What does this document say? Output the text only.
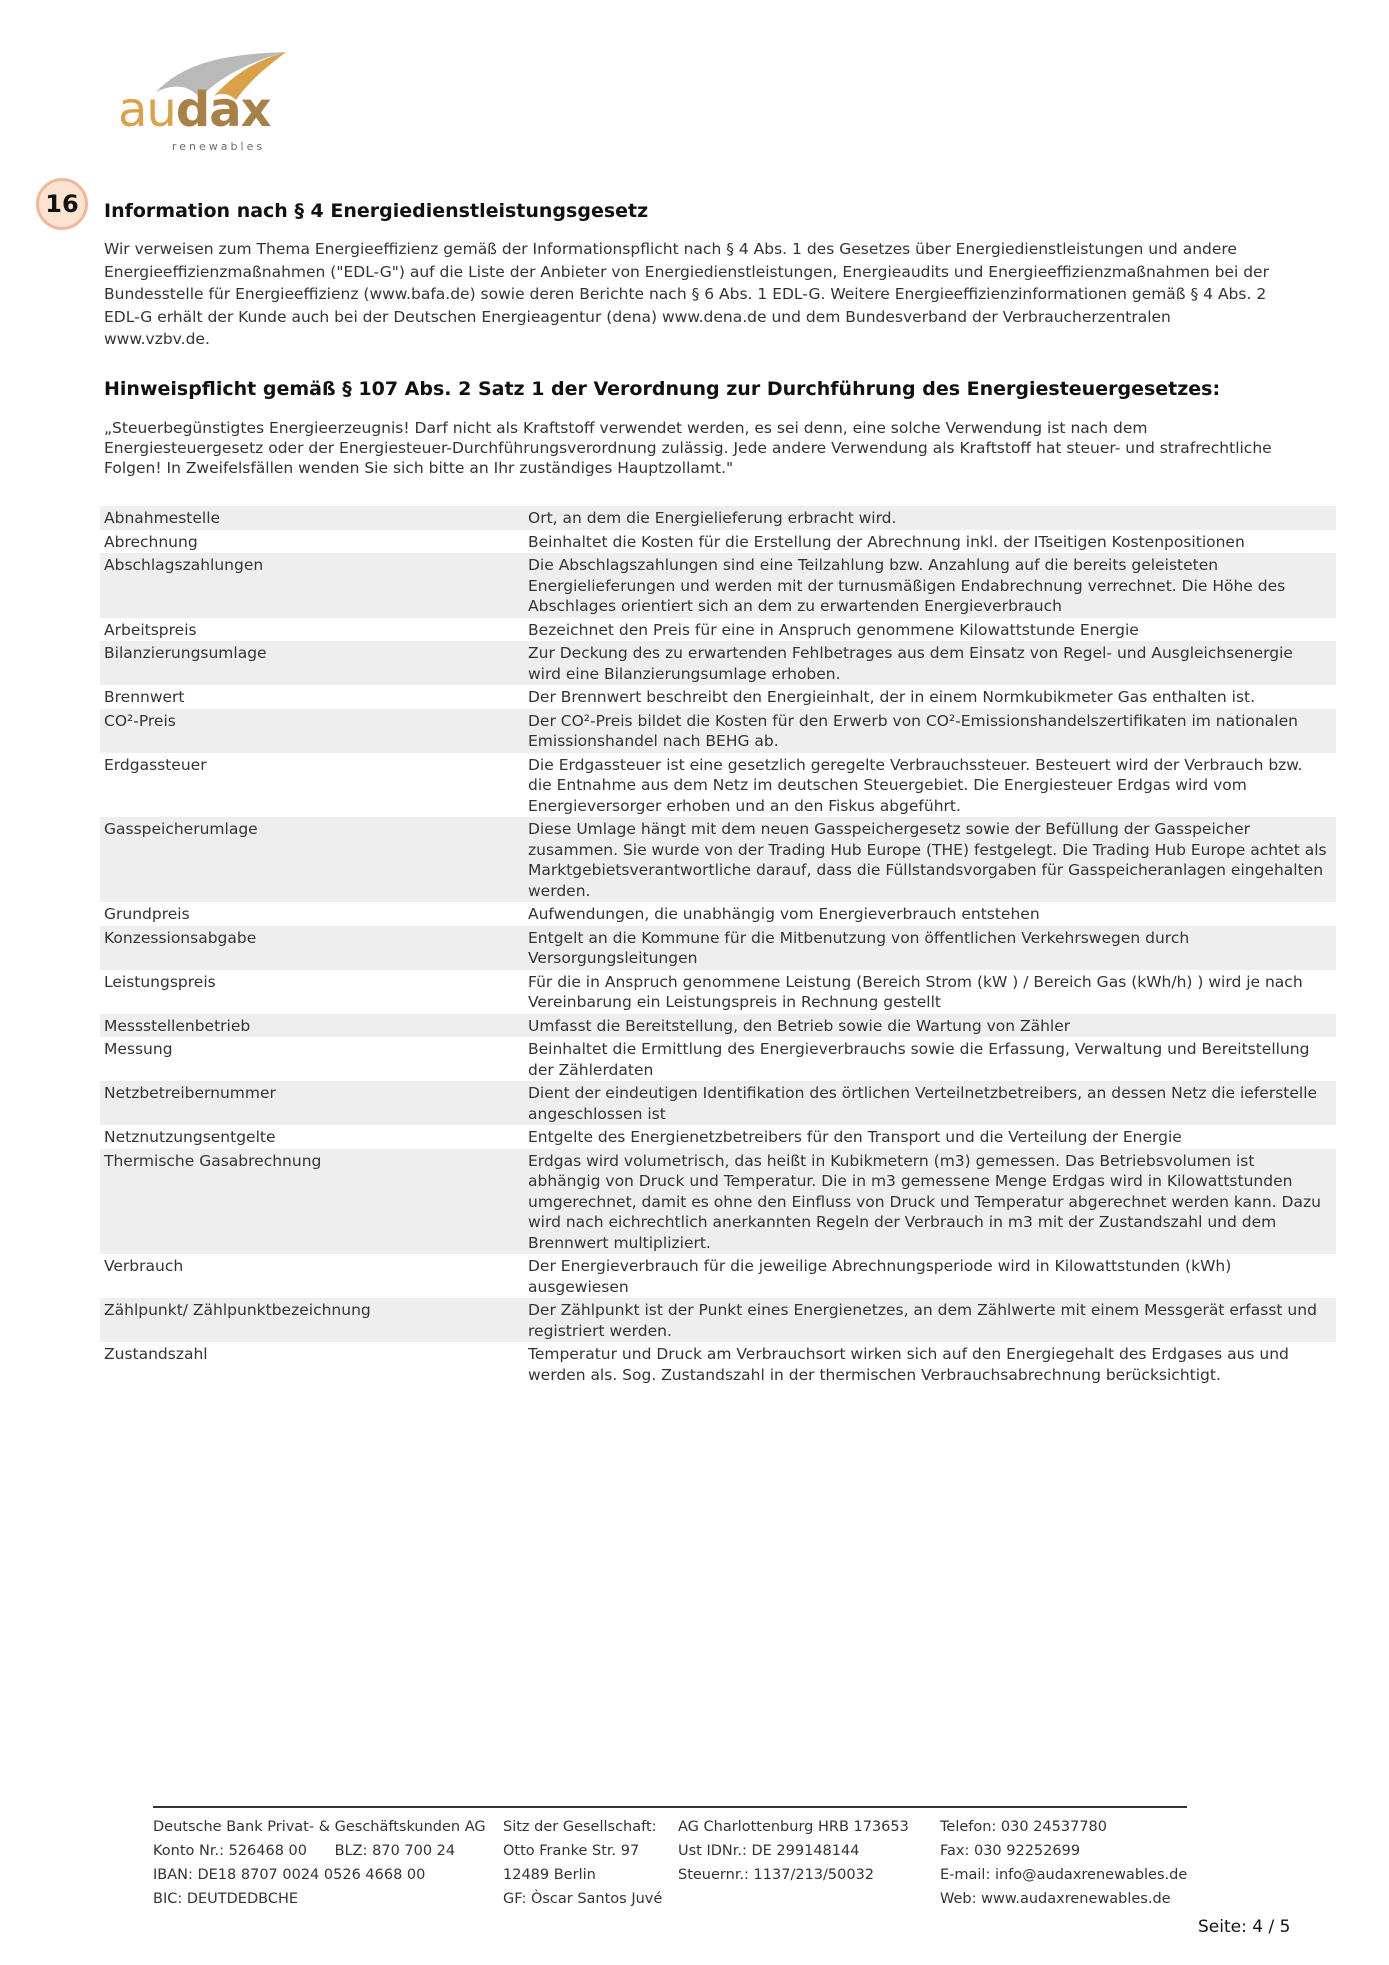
audax
renewables
16	Information nach § 4 Energiedienstleistungsgesetz

Wir verweisen zum Thema Energieeffizienz gemäß der Informationspflicht nach § 4 Abs. 1 des Gesetzes über Energiedienstleistungen und andere Energieeffizienzmaßnahmen ("EDL-G") auf die Liste der Anbieter von Energiedienstleistungen, Energieaudits und Energieeffizienzmaßnahmen bei der Bundesstelle für Energieeffizienz (www.bafa.de) sowie deren Berichte nach § 6 Abs. 1 EDL-G. Weitere Energieeffizienzinformationen gemäß § 4 Abs. 2 EDL-G erhält der Kunde auch bei der Deutschen Energieagentur (dena) www.dena.de und dem Bundesverband der Verbraucherzentralen www.vzbv.de.

Hinweispflicht gemäß § 107 Abs. 2 Satz 1 der Verordnung zur Durchführung des Energiesteuergesetzes:

„Steuerbegünstigtes Energieerzeugnis! Darf nicht als Kraftstoff verwendet werden, es sei denn, eine solche Verwendung ist nach dem Energiesteuergesetz oder der Energiesteuer-Durchführungsverordnung zulässig. Jede andere Verwendung als Kraftstoff hat steuer- und strafrechtliche Folgen! In Zweifelsfällen wenden Sie sich bitte an Ihr zuständiges Hauptzollamt."

Abnahmestelle	Ort, an dem die Energielieferung erbracht wird.
Abrechnung	Beinhaltet die Kosten für die Erstellung der Abrechnung inkl. der ITseitigen Kostenpositionen
Abschlagszahlungen	Die Abschlagszahlungen sind eine Teilzahlung bzw. Anzahlung auf die bereits geleisteten Energielieferungen und werden mit der turnusmäßigen Endabrechnung verrechnet. Die Höhe des Abschlages orientiert sich an dem zu erwartenden Energieverbrauch
Arbeitspreis	Bezeichnet den Preis für eine in Anspruch genommene Kilowattstunde Energie
Bilanzierungsumlage	Zur Deckung des zu erwartenden Fehlbetrages aus dem Einsatz von Regel- und Ausgleichsenergie wird eine Bilanzierungsumlage erhoben.
Brennwert	Der Brennwert beschreibt den Energieinhalt, der in einem Normkubikmeter Gas enthalten ist.
CO²-Preis	Der CO²-Preis bildet die Kosten für den Erwerb von CO²-Emissionshandelszertifikaten im nationalen Emissionshandel nach BEHG ab.
Erdgassteuer	Die Erdgassteuer ist eine gesetzlich geregelte Verbrauchssteuer. Besteuert wird der Verbrauch bzw. die Entnahme aus dem Netz im deutschen Steuergebiet. Die Energiesteuer Erdgas wird vom Energieversorger erhoben und an den Fiskus abgeführt.
Gasspeicherumlage	Diese Umlage hängt mit dem neuen Gasspeichergesetz sowie der Befüllung der Gasspeicher zusammen. Sie wurde von der Trading Hub Europe (THE) festgelegt. Die Trading Hub Europe achtet als Marktgebietsverantwortliche darauf, dass die Füllstandsvorgaben für Gasspeicheranlagen eingehalten werden.
Grundpreis	Aufwendungen, die unabhängig vom Energieverbrauch entstehen
Konzessionsabgabe	Entgelt an die Kommune für die Mitbenutzung von öffentlichen Verkehrswegen durch Versorgungsleitungen
Leistungspreis	Für die in Anspruch genommene Leistung (Bereich Strom (kW ) / Bereich Gas (kWh/h) ) wird je nach Vereinbarung ein Leistungspreis in Rechnung gestellt
Messstellenbetrieb	Umfasst die Bereitstellung, den Betrieb sowie die Wartung von Zähler
Messung	Beinhaltet die Ermittlung des Energieverbrauchs sowie die Erfassung, Verwaltung und Bereitstellung der Zählerdaten
Netzbetreibernummer	Dient der eindeutigen Identifikation des örtlichen Verteilnetzbetreibers, an dessen Netz die ieferstelle angeschlossen ist
Netznutzungsentgelte	Entgelte des Energienetzbetreibers für den Transport und die Verteilung der Energie
Thermische Gasabrechnung	Erdgas wird volumetrisch, das heißt in Kubikmetern (m3) gemessen. Das Betriebsvolumen ist abhängig von Druck und Temperatur. Die in m3 gemessene Menge Erdgas wird in Kilowattstunden umgerechnet, damit es ohne den Einfluss von Druck und Temperatur abgerechnet werden kann. Dazu wird nach eichrechtlich anerkannten Regeln der Verbrauch in m3 mit der Zustandszahl und dem Brennwert multipliziert.
Verbrauch	Der Energieverbrauch für die jeweilige Abrechnungsperiode wird in Kilowattstunden (kWh) ausgewiesen
Zählpunkt/ Zählpunktbezeichnung	Der Zählpunkt ist der Punkt eines Energienetzes, an dem Zählwerte mit einem Messgerät erfasst und registriert werden.
Zustandszahl	Temperatur und Druck am Verbrauchsort wirken sich auf den Energiegehalt des Erdgases aus und werden als. Sog. Zustandszahl in der thermischen Verbrauchsabrechnung berücksichtigt.
Deutsche Bank Privat- & Geschäftskunden AG
Konto Nr.: 526468 00      BLZ: 870 700 24
IBAN: DE18 8707 0024 0526 4668 00
BIC: DEUTDEDBCHE
Sitz der Gesellschaft:
Otto Franke Str. 97
12489 Berlin
GF: Òscar Santos Juvé
AG Charlottenburg HRB 173653
Ust IDNr.: DE 299148144
Steuernr.: 1137/213/50032
Telefon: 030 24537780
Fax: 030 92252699
E-mail: info@audaxrenewables.de
Web: www.audaxrenewables.de
Seite: 4 / 5
